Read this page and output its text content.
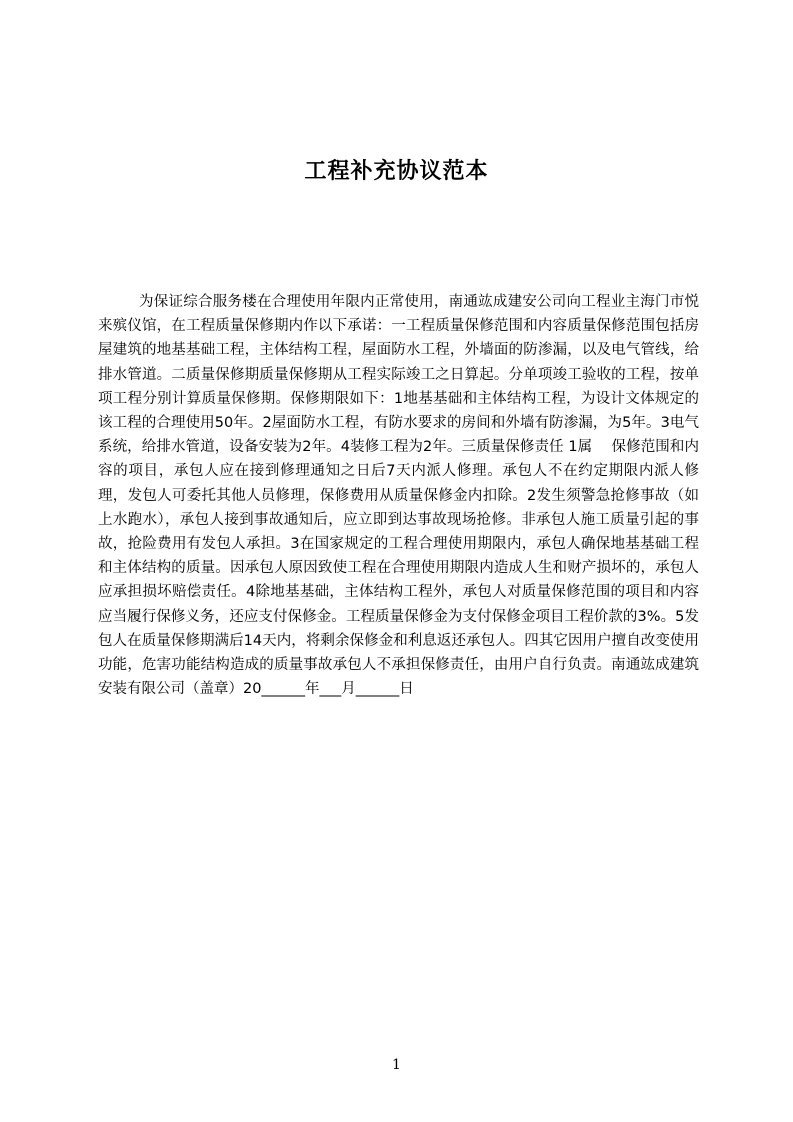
工程补充协议范本

为保证综合服务楼在合理使用年限内正常使用，南通竑成建安公司向工程业主海门市悦来殡仪馆，在工程质量保修期内作以下承诺：一工程质量保修范围和内容质量保修范围包括房屋建筑的地基基础工程，主体结构工程，屋面防水工程，外墙面的防渗漏，以及电气管线，给排水管道。二质量保修期质量保修期从工程实际竣工之日算起。分单项竣工验收的工程，按单项工程分别计算质量保修期。保修期限如下：1地基基础和主体结构工程，为设计文体规定的该工程的合理使用50年。2屋面防水工程，有防水要求的房间和外墙有防渗漏，为5年。3电气系统，给排水管道，设备安装为2年。4装修工程为2年。三质量保修责任 1属　 保修范围和内容的项目，承包人应在接到修理通知之日后7天内派人修理。承包人不在约定期限内派人修理，发包人可委托其他人员修理，保修费用从质量保修金内扣除。2发生须警急抢修事故（如上水跑水），承包人接到事故通知后，应立即到达事故现场抢修。非承包人施工质量引起的事故，抢险费用有发包人承担。3在国家规定的工程合理使用期限内，承包人确保地基基础工程和主体结构的质量。因承包人原因致使工程在合理使用期限内造成人生和财产损坏的，承包人应承担损坏赔偿责任。4除地基基础，主体结构工程外，承包人对质量保修范围的项目和内容应当履行保修义务，还应支付保修金。工程质量保修金为支付保修金项目工程价款的3%。5发包人在质量保修期满后14天内，将剩余保修金和利息返还承包人。四其它因用户擅自改变使用功能，危害功能结构造成的质量事故承包人不承担保修责任，由用户自行负责。南通竑成建筑安装有限公司（盖章）20______年___月______日

1
